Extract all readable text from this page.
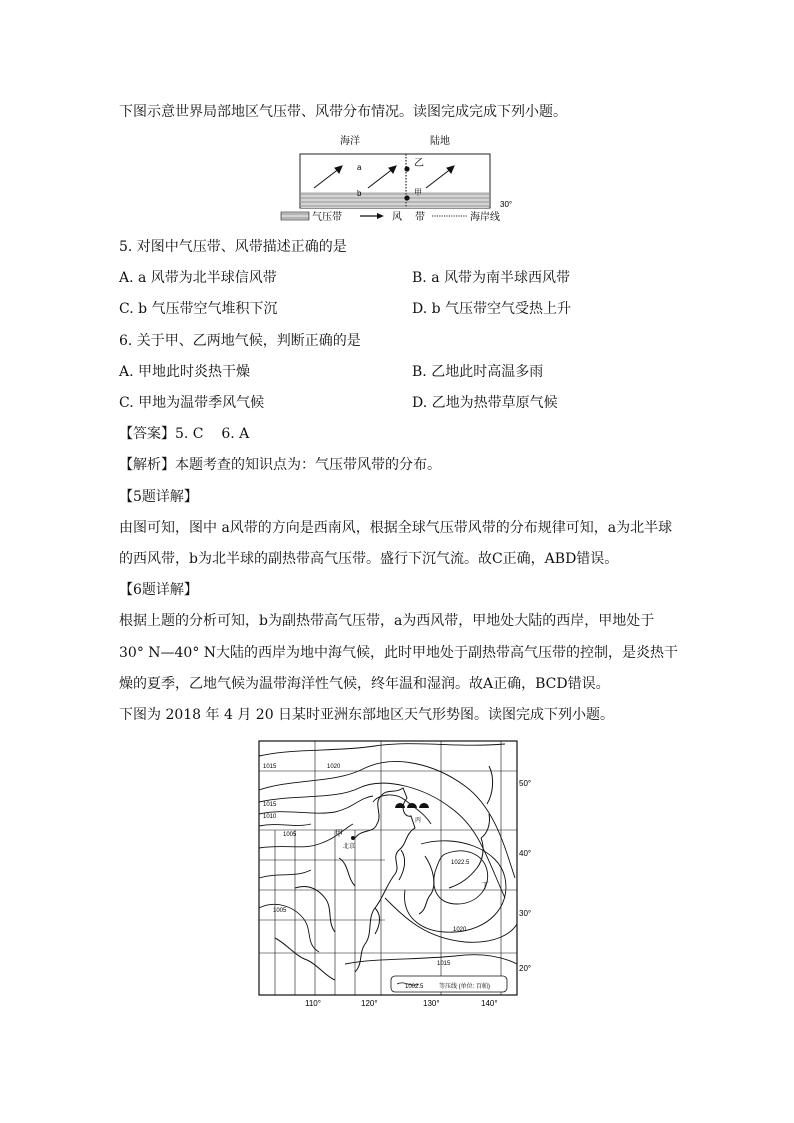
下图示意世界局部地区气压带、风带分布情况。读图完成完成下列小题。
海洋	陆地
a
b
乙
甲
30°
气压带	风 带	海岸线
5. 对图中气压带、风带描述正确的是
A. a 风带为北半球信风带	B. a 风带为南半球西风带
C. b 气压带空气堆积下沉	D. b 气压带空气受热上升
6. 关于甲、乙两地气候，判断正确的是
A. 甲地此时炎热干燥	B. 乙地此时高温多雨
C. 甲地为温带季风气候	D. 乙地为热带草原气候
【答案】5. C    6. A
【解析】本题考查的知识点为：气压带风带的分布。
【5题详解】
由图可知，图中 a风带的方向是西南风，根据全球气压带风带的分布规律可知，a为北半球
的西风带，b为北半球的副热带高气压带。盛行下沉气流。故C正确，ABD错误。
【6题详解】
根据上题的分析可知，b为副热带高气压带，a为西风带，甲地处大陆的西岸，甲地处于
30° N—40° N大陆的西岸为地中海气候，此时甲地处于副热带高气压带的控制，是炎热干
燥的夏季，乙地气候为温带海洋性气候，终年温和湿润。故A正确，BCD错误。
下图为 2018 年 4 月 20 日某时亚洲东部地区天气形势图。读图完成下列小题。
1015	1020
1015
1010
1005
1005
1022.5
1020
1015
甲
北京
丙
丁
50°
40°
30°
20°
110°	120°	130°	140°
1002.5	等压线 (单位: 百帕)
